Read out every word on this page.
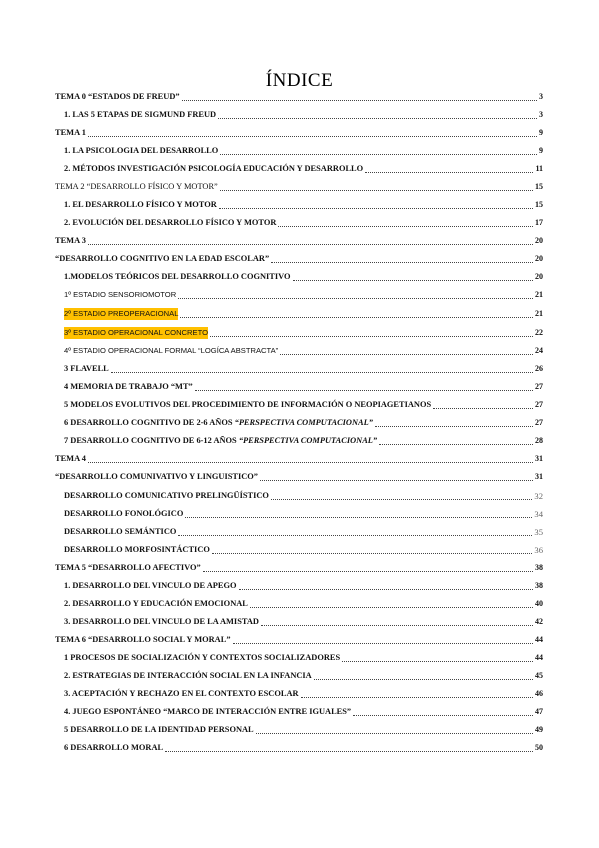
ÍNDICE
TEMA 0 “ESTADOS DE FREUD”	3
1. LAS 5 ETAPAS DE SIGMUND FREUD	3
TEMA 1	9
1. LA PSICOLOGIA DEL DESARROLLO	9
2. MÉTODOS INVESTIGACIÓN PSICOLOGÍA EDUCACIÓN Y DESARROLLO	11
TEMA 2 “DESARROLLO FÍSICO Y MOTOR”	15
1. EL DESARROLLO FÍSICO Y MOTOR	15
2. EVOLUCIÓN DEL DESARROLLO FÍSICO Y MOTOR	17
TEMA 3	20
“DESARROLLO COGNITIVO EN LA EDAD ESCOLAR”	20
1.MODELOS TEÓRICOS DEL DESARROLLO COGNITIVO	20
1º ESTADIO SENSORIOMOTOR	21
2º ESTADIO PREOPERACIONAL	21
3º ESTADIO OPERACIONAL CONCRETO	22
4º ESTADIO OPERACIONAL FORMAL “LOGÍCA ABSTRACTA”	24
3 FLAVELL	26
4 MEMORIA DE TRABAJO “MT”	27
5 MODELOS EVOLUTIVOS DEL PROCEDIMIENTO DE INFORMACIÓN O NEOPIAGETIANOS	27
6 DESARROLLO COGNITIVO DE 2-6 AÑOS “PERSPECTIVA COMPUTACIONAL”	27
7 DESARROLLO COGNITIVO DE 6-12 AÑOS “PERSPECTIVA COMPUTACIONAL”	28
TEMA 4	31
“DESARROLLO COMUNIVATIVO Y LINGUISTICO”	31
DESARROLLO COMUNICATIVO PRELINGÜÍSTICO	32
DESARROLLO FONOLÓGICO	34
DESARROLLO SEMÁNTICO	35
DESARROLLO MORFOSINTÁCTICO	36
TEMA 5 “DESARROLLO AFECTIVO”	38
1. DESARROLLO DEL VINCULO DE APEGO	38
2. DESARROLLO Y EDUCACIÓN EMOCIONAL	40
3. DESARROLLO DEL VINCULO DE LA AMISTAD	42
TEMA 6 “DESARROLLO SOCIAL Y MORAL”	44
1 PROCESOS DE SOCIALIZACIÓN Y CONTEXTOS SOCIALIZADORES	44
2. ESTRATEGIAS DE INTERACCIÓN SOCIAL EN LA INFANCIA	45
3. ACEPTACIÓN Y RECHAZO EN EL CONTEXTO ESCOLAR	46
4. JUEGO ESPONTÁNEO “MARCO DE INTERACCIÓN ENTRE IGUALES”	47
5 DESARROLLO DE LA IDENTIDAD PERSONAL	49
6 DESARROLLO MORAL	50
